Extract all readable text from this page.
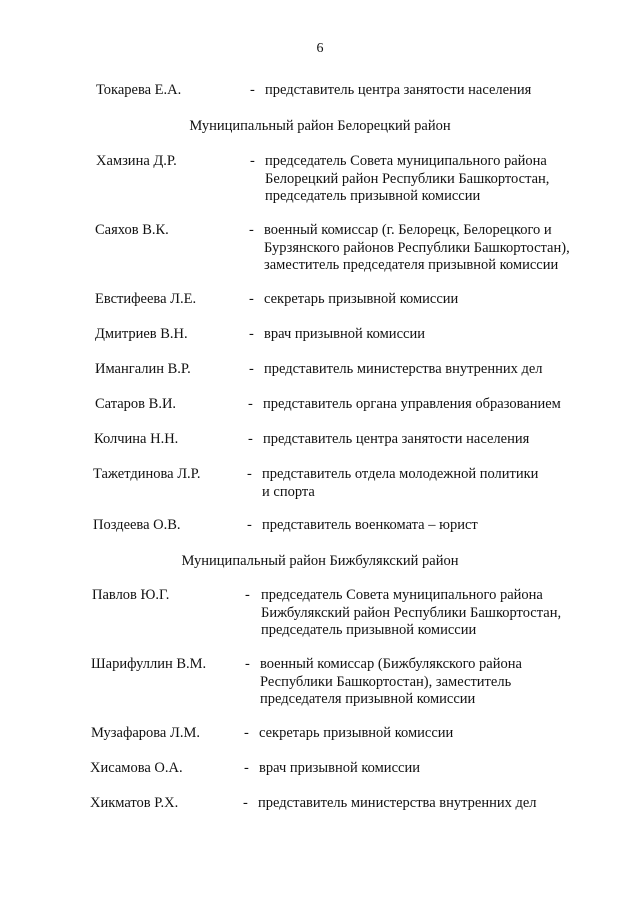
6
Токарева Е.А.	- представитель центра занятости населения
Муниципальный район Белорецкий район
Хамзина Д.Р.	- председатель Совета муниципального района
Белорецкий район Республики Башкортостан,
председатель призывной комиссии
Саяхов В.К.	- военный комиссар (г. Белорецк, Белорецкого и
Бурзянского районов Республики Башкортостан),
заместитель председателя призывной комиссии
Евстифеева Л.Е.	- секретарь призывной комиссии
Дмитриев В.Н.	- врач призывной комиссии
Имангалин В.Р.	- представитель министерства внутренних дел
Сатаров В.И.	- представитель органа управления образованием
Колчина Н.Н.	- представитель центра занятости населения
Тажетдинова Л.Р.	- представитель отдела молодежной политики
и спорта
Поздеева О.В.	- представитель военкомата – юрист
Муниципальный район Бижбулякский район
Павлов Ю.Г.	- председатель Совета муниципального района
Бижбулякский район Республики Башкортостан,
председатель призывной комиссии
Шарифуллин В.М.	- военный комиссар (Бижбулякского района
Республики Башкортостан), заместитель
председателя призывной комиссии
Музафарова Л.М.	- секретарь призывной комиссии
Хисамова О.А.	- врач призывной комиссии
Хикматов Р.Х.	- представитель министерства внутренних дел
